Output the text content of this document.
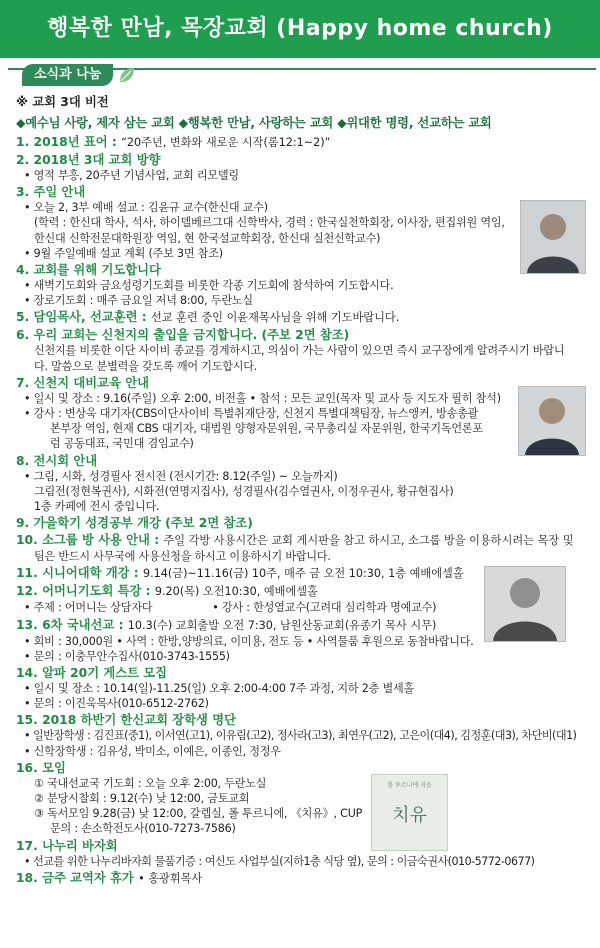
행복한 만남, 목장교회 (Happy home church)
소식과 나눔
※ 교회 3대 비전
◆예수님 사랑, 제자 삼는 교회 ◆행복한 만남, 사랑하는 교회 ◆위대한 명령, 선교하는 교회
1. 2018년 표어 : “20주년, 변화와 새로운 시작(롬12:1~2)”
2. 2018년 3대 교회 방향
• 영적 부흥, 20주년 기념사업, 교회 리모델링
3. 주일 안내
• 오늘 2, 3부 예배 설교 : 김윤규 교수(한신대 교수)
(학력 : 한신대 학사, 석사, 하이델베르그대 신학박사, 경력 : 한국실천학회장, 이사장, 편집위원 역임,
한신대 신학전문대학원장 역임, 현 한국설교학회장, 한신대 실천신학교수)
• 9월 주일예배 설교 계획 (주보 3면 참조)
4. 교회를 위해 기도합니다
• 새벽기도회와 금요성령기도회를 비롯한 각종 기도회에 참석하여 기도합시다.
• 장로기도회 : 매주 금요일 저녁 8:00, 두란노실
5. 담임목사, 선교훈련 : 선교 훈련 중인 이윤재목사님을 위해 기도바랍니다.
6. 우리 교회는 신천지의 출입을 금지합니다. (주보 2면 참조)
신천지를 비롯한 이단 사이비 종교를 경계하시고, 의심이 가는 사람이 있으면 즉시 교구장에게 알려주시기 바랍니
다. 말씀으로 분별력을 갖도록 깨어 기도합시다.
7. 신천지 대비교육 안내
• 일시 및 장소 : 9.16(주일) 오후 2:00, 비전홀 • 참석 : 모든 교인(목자 및 교사 등 지도자 필히 참석)
• 강사 : 변상욱 대기자(CBS이단사이비 특별취재단장, 신천지 특별대책팀장, 뉴스앵커, 방송총괄
본부장 역임, 현재 CBS 대기자, 대법원 양형자문위원, 국무총리실 자문위원, 한국기독언론포
럼 공동대표, 국민대 겸임교수)
8. 전시회 안내
• 그림, 시화, 성경필사 전시전 (전시기간: 8.12(주일) ~ 오늘까지)
그림전(정현복권사), 시화전(연명지집사), 성경필사(김수열권사, 이정우권사, 황규현집사)
1층 카페에 전시 중입니다.
9. 가을학기 성경공부 개강 (주보 2면 참조)
10. 소그룹 방 사용 안내 : 주일 각방 사용시간은 교회 게시판을 참고 하시고, 소그룹 방을 이용하시려는 목장 및
팀은 반드시 사무국에 사용신청을 하시고 이용하시기 바랍니다.
11. 시니어대학 개강 : 9.14(금)~11.16(금) 10주, 매주 금 오전 10:30, 1층 예배에셀홀
12. 어머니기도회 특강 : 9.20(목) 오전10:30, 예배에셀홀
• 주제 : 어머니는 상담자다	• 강사 : 한성열교수(고려대 심리학과 명예교수)
13. 6차 국내선교 : 10.3(수) 교회출발 오전 7:30, 남원산동교회(유종기 목사 시무)
• 회비 : 30,000원 • 사역 : 한방,양방의료, 이미용, 전도 등 • 사역물품 후원으로 동참바랍니다.
• 문의 : 이충무안수집사(010-3743-1555)
14. 알파 20기 게스트 모집
• 일시 및 장소 : 10.14(일)-11.25(일) 오후 2:00-4:00 7주 과정, 지하 2층 별세홀
• 문의 : 이진욱목사(010-6512-2762)
15. 2018 하반기 한신교회 장학생 명단
• 일반장학생 : 김진표(중1), 이서연(고1), 이유림(고2), 정사라(고3), 최연우(고2), 고은이(대4), 김정훈(대3), 차단비(대1)
• 신학장학생 : 김유성, 박미소, 이예은, 이종인, 정정우
16. 모임
① 국내선교국 기도회 : 오늘 오후 2:00, 두란노실
② 분당시찰회 : 9.12(수) 낮 12:00, 금토교회
③ 독서모임 9.28(금) 낮 12:00, 갈렙실, 폴 투르니에, 《치유》, CUP
문의 : 손소학전도사(010-7273-7586)
17. 나누리 바자회
• 선교를 위한 나누리바자회 물품기증 : 여신도 사업부실(지하1층 식당 옆), 문의 : 이금숙권사(010-5772-0677)
18. 금주 교역자 휴가 • 홍광휘목사
폴 투르니에 지음
치유
